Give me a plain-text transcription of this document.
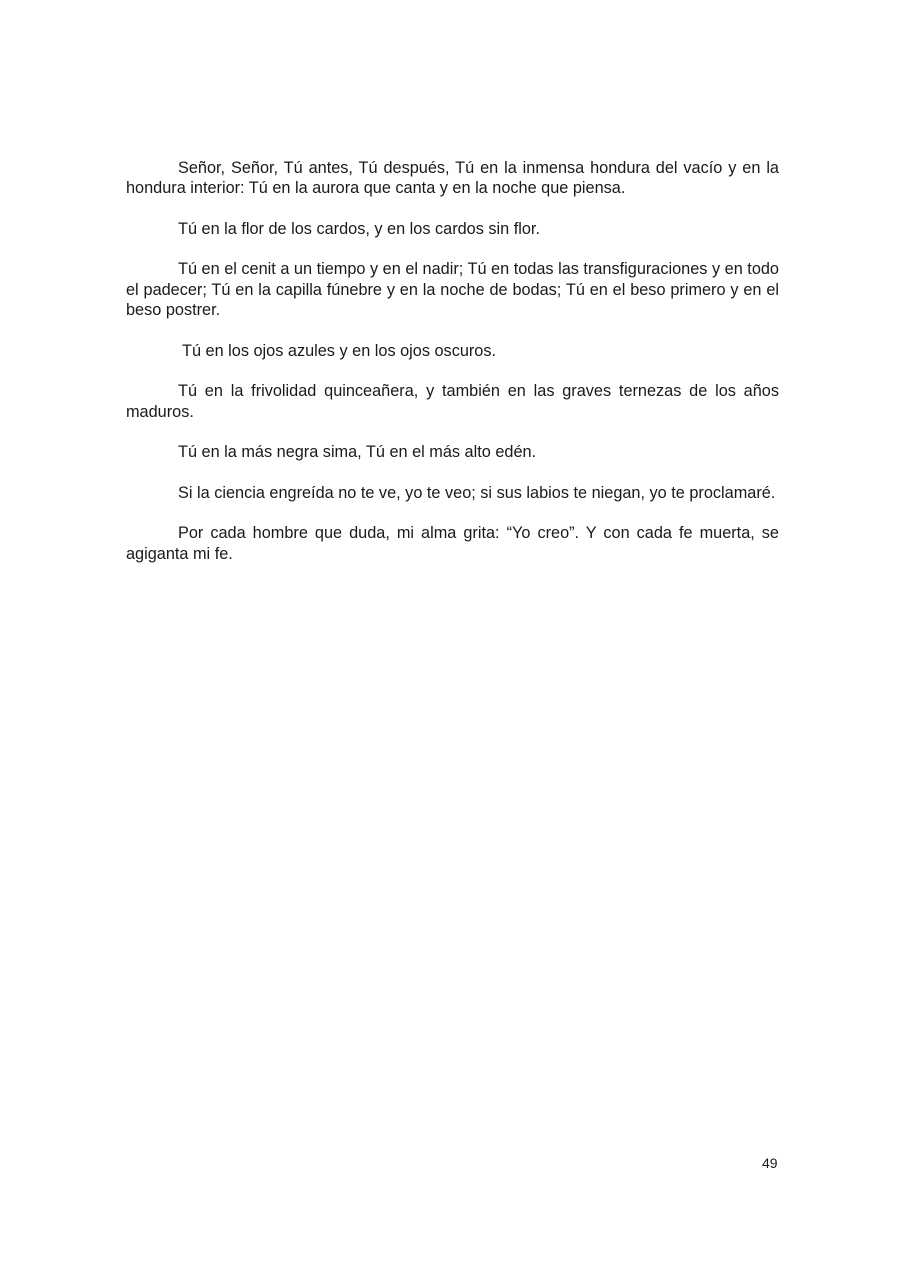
Señor, Señor, Tú antes, Tú después, Tú en la inmensa hondura del vacío y en la hondura interior: Tú en la aurora que canta y en la noche que piensa.

Tú en la flor de los cardos, y en los cardos sin flor.

Tú en el cenit a un tiempo y en el nadir; Tú en todas las transfiguraciones y en todo el padecer; Tú en la capilla fúnebre y en la noche de bodas; Tú en el beso primero y en el beso postrer.

Tú en los ojos azules y en los ojos oscuros.

Tú en la frivolidad quinceañera, y también en las graves ternezas de los años maduros.

Tú en la más negra sima, Tú en el más alto edén.

Si la ciencia engreída no te ve, yo te veo; si sus labios te niegan, yo te proclamaré.

Por cada hombre que duda, mi alma grita: “Yo creo”. Y con cada fe muerta, se agiganta mi fe.

49
